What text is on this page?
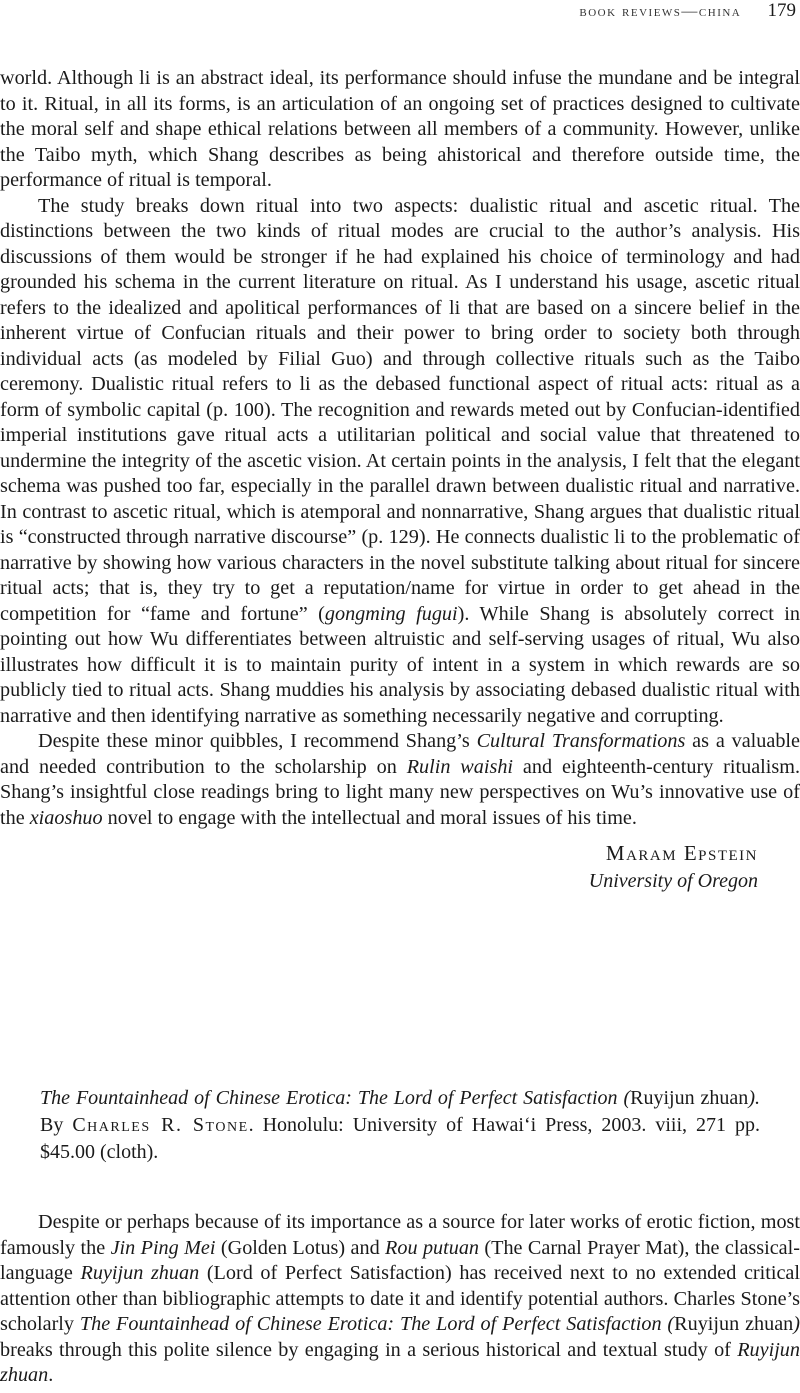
book reviews—china 179

world. Although li is an abstract ideal, its performance should infuse the mundane and be integral to it. Ritual, in all its forms, is an articulation of an ongoing set of practices designed to cultivate the moral self and shape ethical relations between all members of a community. However, unlike the Taibo myth, which Shang describes as being ahistorical and therefore outside time, the performance of ritual is temporal.

The study breaks down ritual into two aspects: dualistic ritual and ascetic ritual. The distinctions between the two kinds of ritual modes are crucial to the author’s analysis. His discussions of them would be stronger if he had explained his choice of terminology and had grounded his schema in the current literature on ritual. As I understand his usage, ascetic ritual refers to the idealized and apolitical performances of li that are based on a sincere belief in the inherent virtue of Confucian rituals and their power to bring order to society both through individual acts (as modeled by Filial Guo) and through collective rituals such as the Taibo ceremony. Dualistic ritual refers to li as the debased functional aspect of ritual acts: ritual as a form of symbolic capital (p. 100). The recognition and rewards meted out by Confucian-identified imperial institutions gave ritual acts a utilitarian political and social value that threatened to undermine the integrity of the ascetic vision. At certain points in the analysis, I felt that the elegant schema was pushed too far, especially in the parallel drawn between dualistic ritual and narrative. In contrast to ascetic ritual, which is atemporal and nonnarrative, Shang argues that dualistic ritual is “constructed through narrative discourse” (p. 129). He connects dualistic li to the problematic of narrative by showing how various characters in the novel substitute talking about ritual for sincere ritual acts; that is, they try to get a reputation/name for virtue in order to get ahead in the competition for “fame and fortune” (gongming fugui). While Shang is absolutely correct in pointing out how Wu differentiates between altruistic and self-serving usages of ritual, Wu also illustrates how difficult it is to maintain purity of intent in a system in which rewards are so publicly tied to ritual acts. Shang muddies his analysis by associating debased dualistic ritual with narrative and then identifying narrative as something necessarily negative and corrupting.

Despite these minor quibbles, I recommend Shang’s Cultural Transformations as a valuable and needed contribution to the scholarship on Rulin waishi and eighteenth-century ritualism. Shang’s insightful close readings bring to light many new perspectives on Wu’s innovative use of the xiaoshuo novel to engage with the intellectual and moral issues of his time.

Maram Epstein
University of Oregon
The Fountainhead of Chinese Erotica: The Lord of Perfect Satisfaction (Ruyijun zhuan). By Charles R. Stone. Honolulu: University of Hawai‘i Press, 2003. viii, 271 pp. $45.00 (cloth).

Despite or perhaps because of its importance as a source for later works of erotic fiction, most famously the Jin Ping Mei (Golden Lotus) and Rou putuan (The Carnal Prayer Mat), the classical-language Ruyijun zhuan (Lord of Perfect Satisfaction) has received next to no extended critical attention other than bibliographic attempts to date it and identify potential authors. Charles Stone’s scholarly The Fountainhead of Chinese Erotica: The Lord of Perfect Satisfaction (Ruyijun zhuan) breaks through this polite silence by engaging in a serious historical and textual study of Ruyijun zhuan.
